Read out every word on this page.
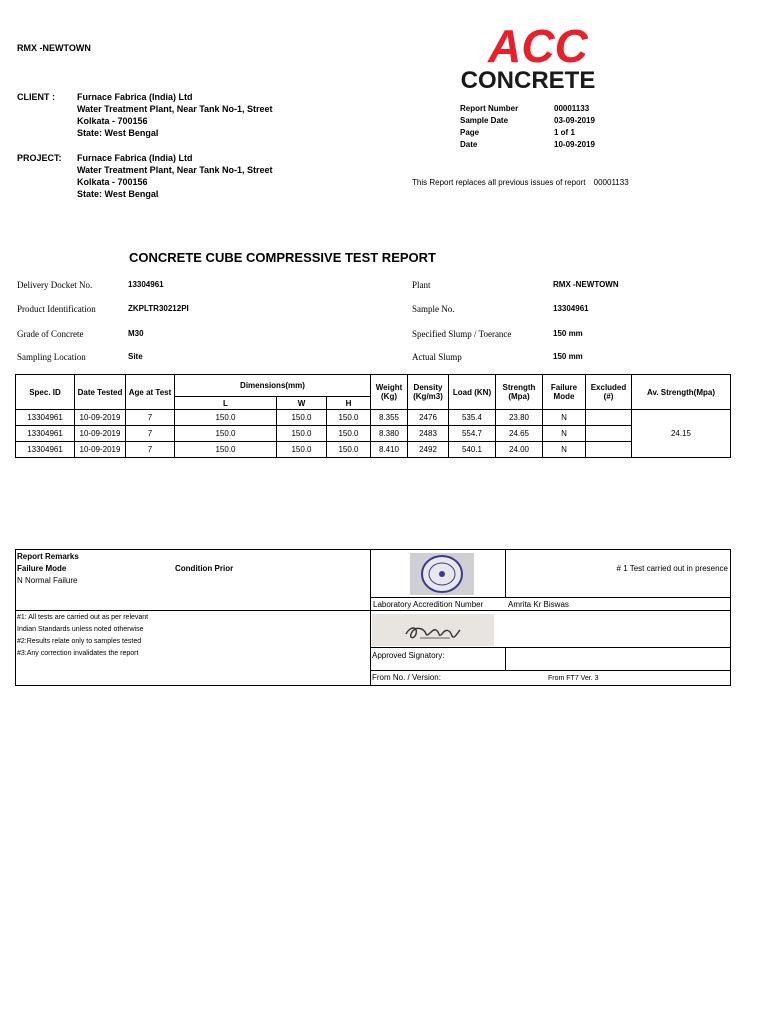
RMX -NEWTOWN	ACC
CONCRETE
CLIENT : Furnace Fabrica (India) Ltd
Water Treatment Plant, Near Tank No-1, Street
Kolkata - 700156
State: West Bengal
PROJECT: Furnace Fabrica (India) Ltd
Water Treatment Plant, Near Tank No-1, Street
Kolkata - 700156
State: West Bengal
Report Number	00001133
Sample Date	03-09-2019
Page	1 of 1
Date	10-09-2019
This Report replaces all previous issues of report 00001133
CONCRETE CUBE COMPRESSIVE TEST REPORT
Delivery Docket No.	13304961
Product Identification	ZKPLTR30212PI
Grade of Concrete	M30
Sampling Location	Site
Plant	RMX -NEWTOWN
Sample No.	13304961
Specified Slump / Toerance	150 mm
Actual Slump	150 mm
Spec. ID	Date Tested	Age at Test	Dimensions(mm)			Weight (Kg)	Density (Kg/m3)	Load (KN)	Strength (Mpa)	Failure Mode	Excluded (#)	Av. Strength(Mpa)
			L	W	H							
13304961	10-09-2019	7	150.0	150.0	150.0	8.355	2476	535.4	23.80	N		24.15
13304961	10-09-2019	7	150.0	150.0	150.0	8.380	2483	554.7	24.65	N		
13304961	10-09-2019	7	150.0	150.0	150.0	8.410	2492	540.1	24.00	N		
Report Remarks
Failure Mode	Condition Prior
N Normal Failure
# 1 Test carried out in presence
Laboratory Accredition Number	Amrita Kr Biswas
#1: All tests are carried out as per relevant
Indian Standards unless noted otherwise
#2:Results relate only to samples tested
#3:Any correction invalidates the report	Approved Signatory:
From No. / Version:	From FT7 Ver. 3
